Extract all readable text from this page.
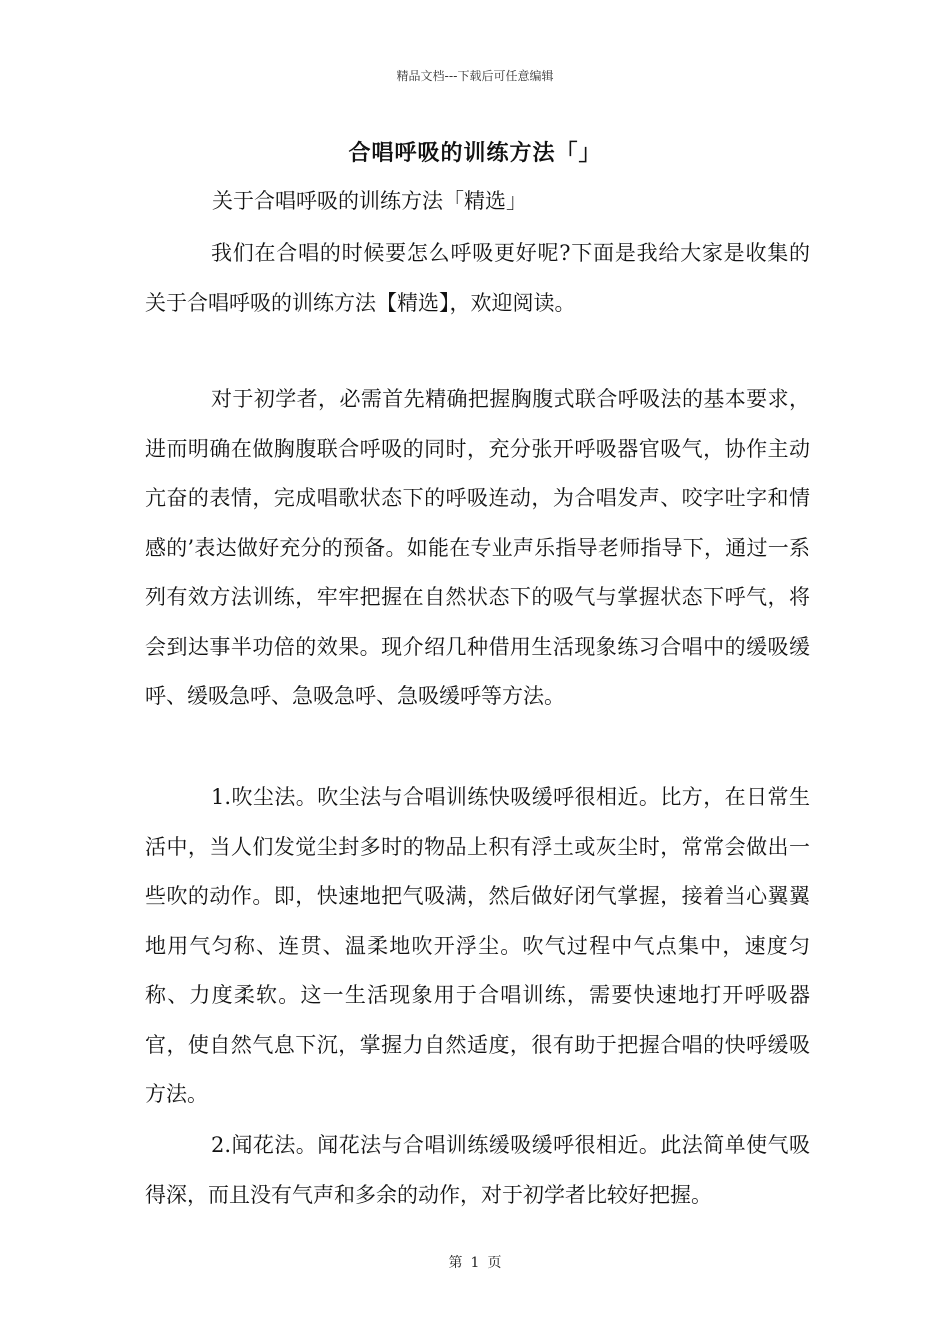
精品文档---下载后可任意编辑
合唱呼吸的训练方法「」
关于合唱呼吸的训练方法「精选」
我们在合唱的时候要怎么呼吸更好呢?下面是我给大家是收集的关于合唱呼吸的训练方法【精选】，欢迎阅读。
对于初学者，必需首先精确把握胸腹式联合呼吸法的基本要求，进而明确在做胸腹联合呼吸的同时，充分张开呼吸器官吸气，协作主动亢奋的表情，完成唱歌状态下的呼吸连动，为合唱发声、咬字吐字和情感的’表达做好充分的预备。如能在专业声乐指导老师指导下，通过一系列有效方法训练，牢牢把握在自然状态下的吸气与掌握状态下呼气，将会到达事半功倍的效果。现介绍几种借用生活现象练习合唱中的缓吸缓呼、缓吸急呼、急吸急呼、急吸缓呼等方法。
1.吹尘法。吹尘法与合唱训练快吸缓呼很相近。比方，在日常生活中，当人们发觉尘封多时的物品上积有浮土或灰尘时，常常会做出一些吹的动作。即，快速地把气吸满，然后做好闭气掌握，接着当心翼翼地用气匀称、连贯、温柔地吹开浮尘。吹气过程中气点集中，速度匀称、力度柔软。这一生活现象用于合唱训练，需要快速地打开呼吸器官，使自然气息下沉，掌握力自然适度，很有助于把握合唱的快呼缓吸方法。
2.闻花法。闻花法与合唱训练缓吸缓呼很相近。此法简单使气吸得深，而且没有气声和多余的动作，对于初学者比较好把握。
第 1 页
